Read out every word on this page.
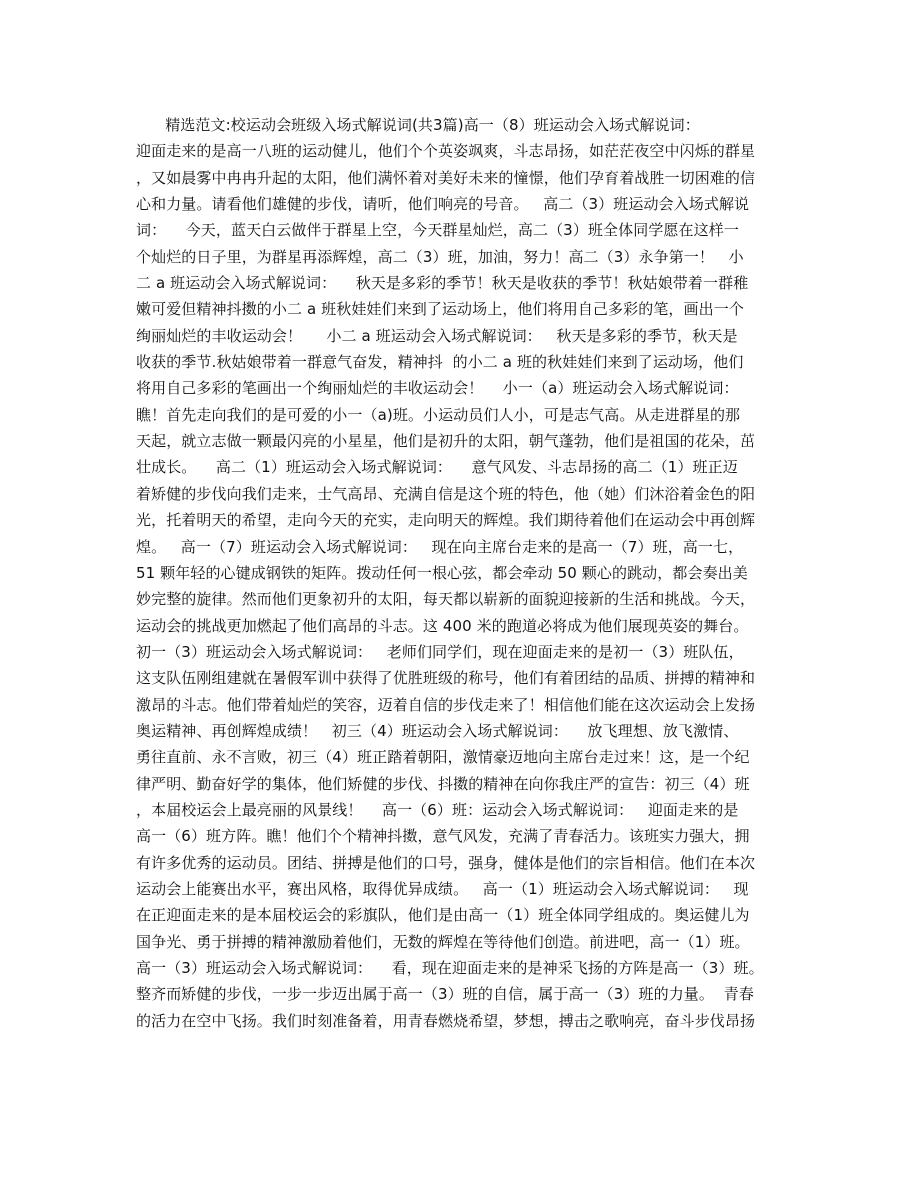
精选范文:校运动会班级入场式解说词(共3篇)高一（8）班运动会入场式解说词：
迎面走来的是高一八班的运动健儿，他们个个英姿飒爽，斗志昂扬，如茫茫夜空中闪烁的群星
，又如晨雾中冉冉升起的太阳，他们满怀着对美好未来的憧憬，他们孕育着战胜一切困难的信
心和力量。请看他们雄健的步伐，请听，他们响亮的号音。   高二（3）班运动会入场式解说
词：    今天，蓝天白云做伴于群星上空，今天群星灿烂，高二（3）班全体同学愿在这样一
个灿烂的日子里，为群星再添辉煌，高二（3）班，加油，努力！高二（3）永争第一！   小
二 a 班运动会入场式解说词：    秋天是多彩的季节！秋天是收获的季节！秋姑娘带着一群稚
嫩可爱但精神抖擞的小二 a 班秋娃娃们来到了运动场上，他们将用自己多彩的笔，画出一个
绚丽灿烂的丰收运动会！     小二 a 班运动会入场式解说词：   秋天是多彩的季节，秋天是
收获的季节.秋姑娘带着一群意气奋发，精神抖  的小二 a 班的秋娃娃们来到了运动场，他们
将用自己多彩的笔画出一个绚丽灿烂的丰收运动会！    小一（a）班运动会入场式解说词：
瞧！首先走向我们的是可爱的小一（a)班。小运动员们人小，可是志气高。从走进群星的那
天起，就立志做一颗最闪亮的小星星，他们是初升的太阳，朝气蓬勃，他们是祖国的花朵，茁
壮成长。    高二（1）班运动会入场式解说词：    意气风发、斗志昂扬的高二（1）班正迈
着矫健的步伐向我们走来，士气高昂、充满自信是这个班的特色，他（她）们沐浴着金色的阳
光，托着明天的希望，走向今天的充实，走向明天的辉煌。我们期待着他们在运动会中再创辉
煌。   高一（7）班运动会入场式解说词：   现在向主席台走来的是高一（7）班，高一七，
51 颗年轻的心键成钢铁的矩阵。拨动任何一根心弦，都会牵动 50 颗心的跳动，都会奏出美
妙完整的旋律。然而他们更象初升的太阳，每天都以崭新的面貌迎接新的生活和挑战。今天，
运动会的挑战更加燃起了他们高昂的斗志。这 400 米的跑道必将成为他们展现英姿的舞台。
初一（3）班运动会入场式解说词：   老师们同学们，现在迎面走来的是初一（3）班队伍，
这支队伍刚组建就在暑假军训中获得了优胜班级的称号，他们有着团结的品质、拼搏的精神和
激昂的斗志。他们带着灿烂的笑容，迈着自信的步伐走来了！相信他们能在这次运动会上发扬
奥运精神、再创辉煌成绩！   初三（4）班运动会入场式解说词：    放飞理想、放飞激情、
勇往直前、永不言败，初三（4）班正踏着朝阳，激情豪迈地向主席台走过来！这，是一个纪
律严明、勤奋好学的集体，他们矫健的步伐、抖擞的精神在向你我庄严的宣告：初三（4）班
，本届校运会上最亮丽的风景线！    高一（6）班：运动会入场式解说词：   迎面走来的是
高一（6）班方阵。瞧！他们个个精神抖擞，意气风发，充满了青春活力。该班实力强大，拥
有许多优秀的运动员。团结、拼搏是他们的口号，强身，健体是他们的宗旨相信。他们在本次
运动会上能赛出水平，赛出风格，取得优异成绩。   高一（1）班运动会入场式解说词：   现
在正迎面走来的是本届校运会的彩旗队，他们是由高一（1）班全体同学组成的。奥运健儿为
国争光、勇于拼搏的精神激励着他们，无数的辉煌在等待他们创造。前进吧，高一（1）班。
高一（3）班运动会入场式解说词：    看，现在迎面走来的是神采飞扬的方阵是高一（3）班。
整齐而矫健的步伐，一步一步迈出属于高一（3）班的自信，属于高一（3）班的力量。  青春
的活力在空中飞扬。我们时刻准备着，用青春燃烧希望，梦想，搏击之歌响亮，奋斗步伐昂扬
